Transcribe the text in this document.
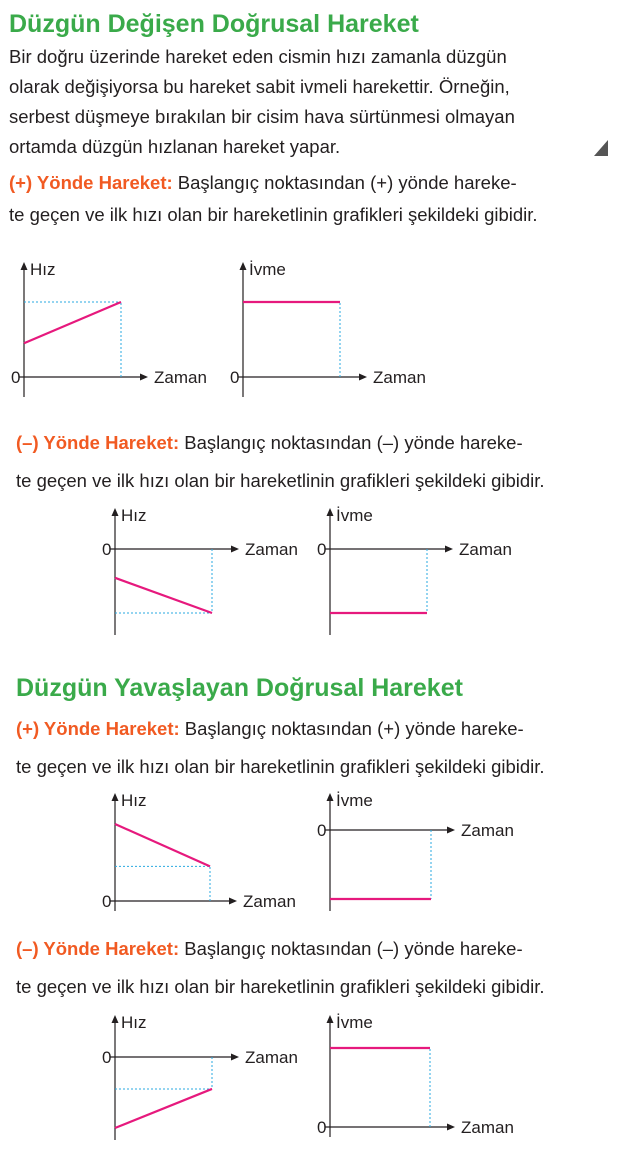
Düzgün Değişen Doğrusal Hareket
Bir doğru üzerinde hareket eden cismin hızı zamanla düzgün
olarak değişiyorsa bu hareket sabit ivmeli harekettir. Örneğin,
serbest düşmeye bırakılan bir cisim hava sürtünmesi olmayan
ortamda düzgün hızlanan hareket yapar.
(+) Yönde Hareket: Başlangıç noktasından (+) yönde hareke-
te geçen ve ilk hızı olan bir hareketlinin grafikleri şekildeki gibidir.
(–) Yönde Hareket: Başlangıç noktasından (–) yönde hareke-
te geçen ve ilk hızı olan bir hareketlinin grafikleri şekildeki gibidir.
Düzgün Yavaşlayan Doğrusal Hareket
(+) Yönde Hareket: Başlangıç noktasından (+) yönde hareke-
te geçen ve ilk hızı olan bir hareketlinin grafikleri şekildeki gibidir.
(–) Yönde Hareket: Başlangıç noktasından (–) yönde hareke-
te geçen ve ilk hızı olan bir hareketlinin grafikleri şekildeki gibidir.
Hız
Zaman
0
İvme
Zaman
0
Hız
Zaman
0
İvme
Zaman
0
Hız
Zaman
0
İvme
Zaman
0
Hız
Zaman
0
İvme
Zaman
0
